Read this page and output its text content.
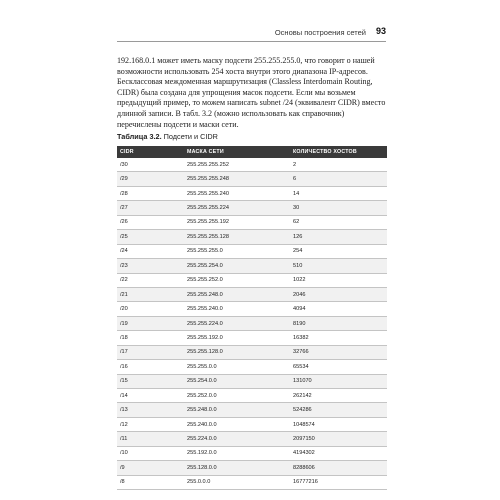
Основы построения сетей 93

192.168.0.1 может иметь маску подсети 255.255.255.0, что говорит о нашей возможности использовать 254 хоста внутри этого диапазона IP-адресов. Бесклассовая междоменная маршрутизация (Classless Interdomain Routing, CIDR) была создана для упрощения масок подсети. Если мы возьмем предыдущий пример, то можем написать subnet /24 (эквивалент CIDR) вместо длинной записи. В табл. 3.2 (можно использовать как справочник) перечислены подсети и маски сети.

Таблица 3.2. Подсети и CIDR
CIDR	МАСКА СЕТИ	КОЛИЧЕСТВО ХОСТОВ
/30	255.255.255.252	2
/29	255.255.255.248	6
/28	255.255.255.240	14
/27	255.255.255.224	30
/26	255.255.255.192	62
/25	255.255.255.128	126
/24	255.255.255.0	254
/23	255.255.254.0	510
/22	255.255.252.0	1022
/21	255.255.248.0	2046
/20	255.255.240.0	4094
/19	255.255.224.0	8190
/18	255.255.192.0	16382
/17	255.255.128.0	32766
/16	255.255.0.0	65534
/15	255.254.0.0	131070
/14	255.252.0.0	262142
/13	255.248.0.0	524286
/12	255.240.0.0	1048574
/11	255.224.0.0	2097150
/10	255.192.0.0	4194302
/9	255.128.0.0	8288606
/8	255.0.0.0	16777216
